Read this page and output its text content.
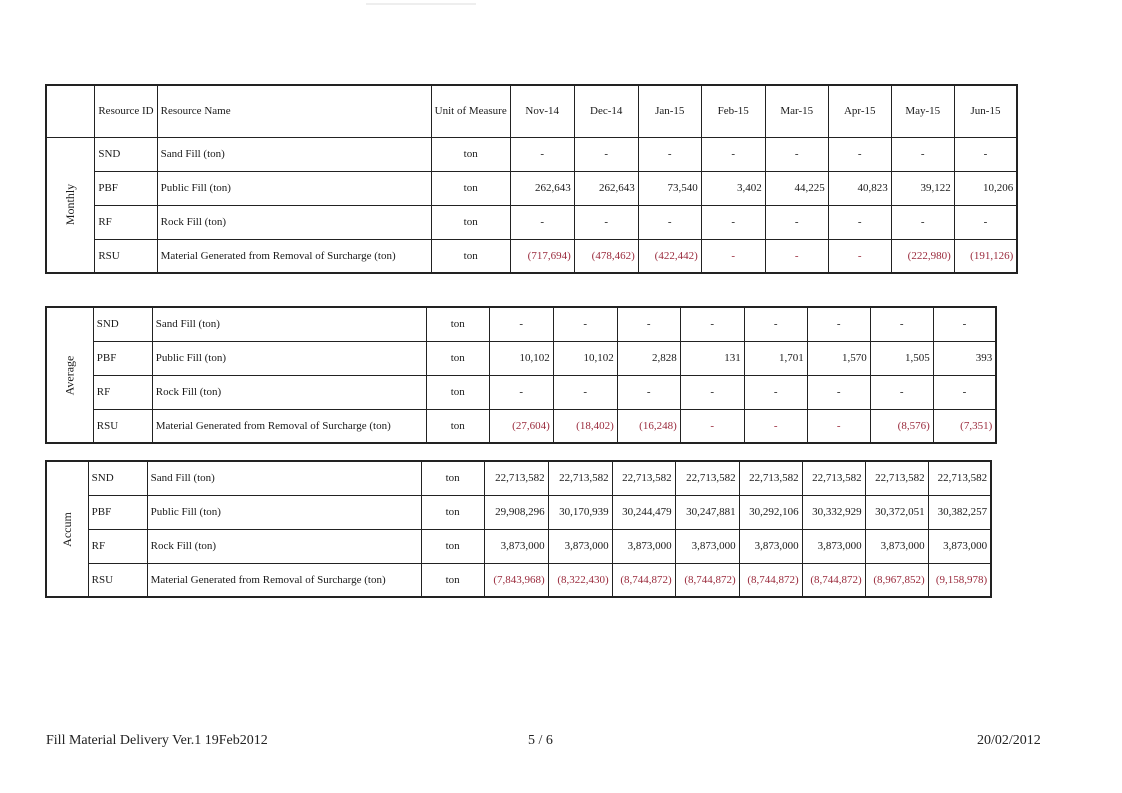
	Resource ID	Resource Name	Unit of Measure	Nov-14	Dec-14	Jan-15	Feb-15	Mar-15	Apr-15	May-15	Jun-15
Monthly	SND	Sand Fill (ton)	ton	-	-	-	-	-	-	-	-
	PBF	Public Fill (ton)	ton	262,643	262,643	73,540	3,402	44,225	40,823	39,122	10,206
	RF	Rock Fill (ton)	ton	-	-	-	-	-	-	-	-
	RSU	Material Generated from Removal of Surcharge (ton)	ton	(717,694)	(478,462)	(422,442)	-	-	-	(222,980)	(191,126)
Average	SND	Sand Fill (ton)	ton	-	-	-	-	-	-	-	-
	PBF	Public Fill (ton)	ton	10,102	10,102	2,828	131	1,701	1,570	1,505	393
	RF	Rock Fill (ton)	ton	-	-	-	-	-	-	-	-
	RSU	Material Generated from Removal of Surcharge (ton)	ton	(27,604)	(18,402)	(16,248)	-	-	-	(8,576)	(7,351)
Accum	SND	Sand Fill (ton)	ton	22,713,582	22,713,582	22,713,582	22,713,582	22,713,582	22,713,582	22,713,582	22,713,582
	PBF	Public Fill (ton)	ton	29,908,296	30,170,939	30,244,479	30,247,881	30,292,106	30,332,929	30,372,051	30,382,257
	RF	Rock Fill (ton)	ton	3,873,000	3,873,000	3,873,000	3,873,000	3,873,000	3,873,000	3,873,000	3,873,000
	RSU	Material Generated from Removal of Surcharge (ton)	ton	(7,843,968)	(8,322,430)	(8,744,872)	(8,744,872)	(8,744,872)	(8,744,872)	(8,967,852)	(9,158,978)
Fill Material Delivery Ver.1 19Feb2012	5 / 6	20/02/2012
